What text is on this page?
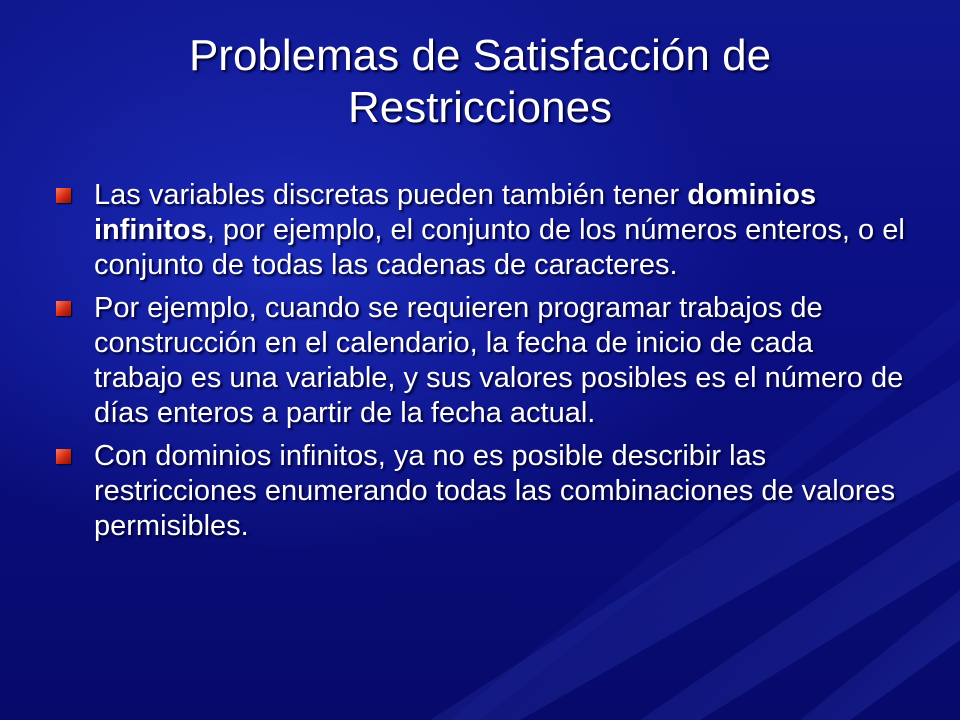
Problemas de Satisfacción de Restricciones
Las variables discretas pueden también tener dominios infinitos, por ejemplo, el conjunto de los números enteros, o el conjunto de todas las cadenas de caracteres.
Por ejemplo, cuando se requieren programar trabajos de construcción en el calendario, la fecha de inicio de cada trabajo es una variable, y sus valores posibles es el número de días enteros a partir de la fecha actual.
Con dominios infinitos, ya no es posible describir las restricciones enumerando todas las combinaciones de valores permisibles.
